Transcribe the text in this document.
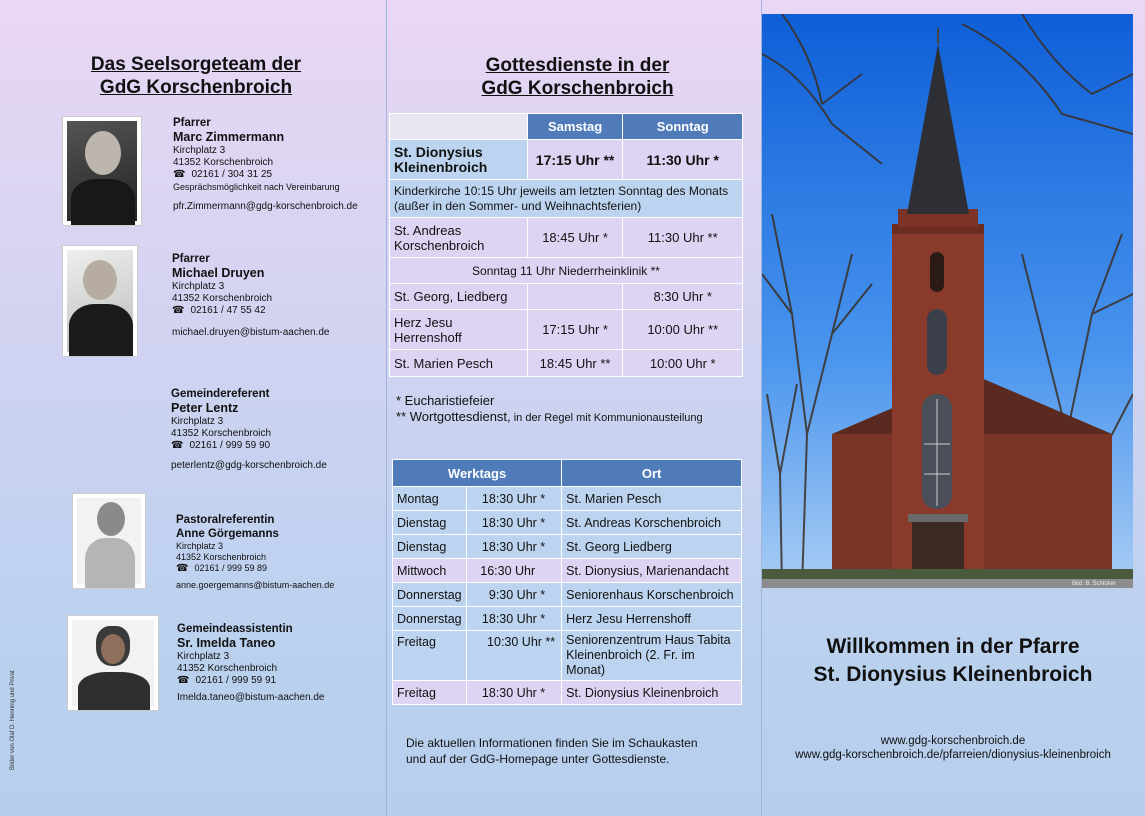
Das Seelsorgeteam der
GdG Korschenbroich
Pfarrer
Marc Zimmermann
Kirchplatz 3
41352 Korschenbroich
☎ 02161 / 304 31 25
Gesprächsmöglichkeit nach Vereinbarung
pfr.Zimmermann@gdg-korschenbroich.de
Pfarrer
Michael Druyen
Kirchplatz 3
41352 Korschenbroich
☎ 02161 / 47 55 42
michael.druyen@bistum-aachen.de
Gemeindereferent
Peter Lentz
Kirchplatz 3
41352 Korschenbroich
☎ 02161 / 999 59 90
peterlentz@gdg-korschenbroich.de
Pastoralreferentin
Anne Görgemanns
Kirchplatz 3
41352 Korschenbroich
☎ 02161 / 999 59 89
anne.goergemanns@bistum-aachen.de
Gemeindeassistentin
Sr. Imelda Taneo
Kirchplatz 3
41352 Korschenbroich
☎ 02161 / 999 59 91
Imelda.taneo@bistum-aachen.de
Bilder von Olaf D. Henning und Privat
Gottesdienste in der
GdG Korschenbroich
	Samstag	Sonntag
St. Dionysius Kleinenbroich	17:15 Uhr **	11:30 Uhr *
Kinderkirche 10:15 Uhr jeweils am letzten Sonntag des Monats (außer in den Sommer- und Weihnachtsferien)		
St. Andreas Korschenbroich	18:45 Uhr *	11:30 Uhr **
Sonntag 11 Uhr Niederrheinklinik **		
St. Georg, Liedberg		8:30 Uhr *
Herz Jesu Herrenshoff	17:15 Uhr *	10:00 Uhr **
St. Marien Pesch	18:45 Uhr **	10:00 Uhr *
* Eucharistiefeier
** Wortgottesdienst, in der Regel mit Kommunionausteilung
Werktags		Ort
Montag	18:30 Uhr *	St. Marien Pesch
Dienstag	18:30 Uhr *	St. Andreas Korschenbroich
Dienstag	18:30 Uhr *	St. Georg Liedberg
Mittwoch	16:30 Uhr	St. Dionysius, Marienandacht
Donnerstag	9:30 Uhr *	Seniorenhaus Korschenbroich
Donnerstag	18:30 Uhr *	Herz Jesu Herrenshoff
Freitag	10:30 Uhr **	Seniorenzentrum Haus Tabita Kleinenbroich (2. Fr. im Monat)
Freitag	18:30 Uhr *	St. Dionysius Kleinenbroich
Die aktuellen Informationen finden Sie im Schaukasten
und auf der GdG-Homepage unter Gottesdienste.
Bild: B. Schicker
Willkommen in der Pfarre
St. Dionysius Kleinenbroich
www.gdg-korschenbroich.de
www.gdg-korschenbroich.de/pfarreien/dionysius-kleinenbroich
